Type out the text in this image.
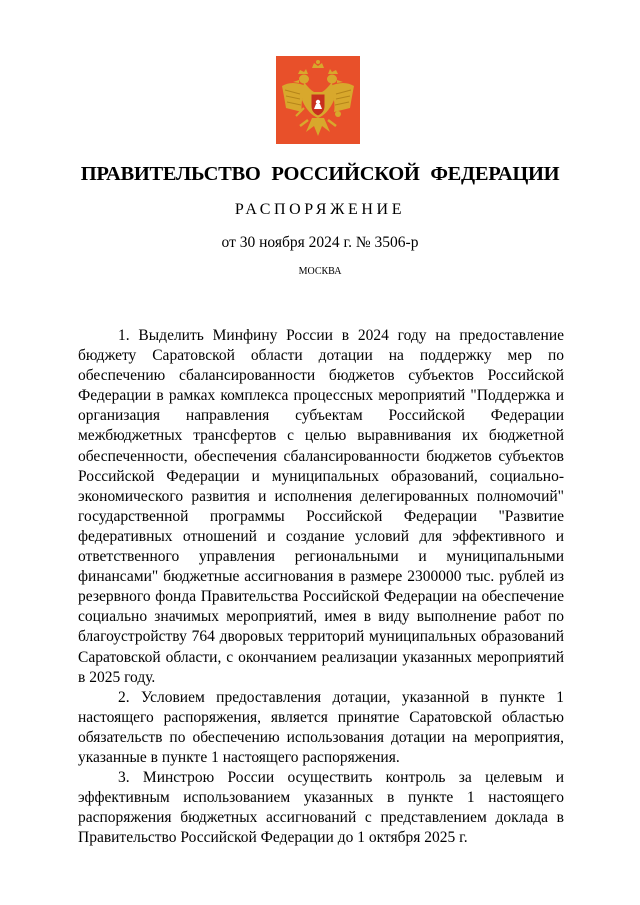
ПРАВИТЕЛЬСТВО РОССИЙСКОЙ ФЕДЕРАЦИИ
РАСПОРЯЖЕНИЕ
от 30 ноября 2024 г. № 3506-р
МОСКВА

1. Выделить Минфину России в 2024 году на предоставление бюджету Саратовской области дотации на поддержку мер по обеспечению сбалансированности бюджетов субъектов Российской Федерации в рамках комплекса процессных мероприятий "Поддержка и организация направления субъектам Российской Федерации межбюджетных трансфертов с целью выравнивания их бюджетной обеспеченности, обеспечения сбалансированности бюджетов субъектов Российской Федерации и муниципальных образований, социально-экономического развития и исполнения делегированных полномочий" государственной программы Российской Федерации "Развитие федеративных отношений и создание условий для эффективного и ответственного управления региональными и муниципальными финансами" бюджетные ассигнования в размере 2300000 тыс. рублей из резервного фонда Правительства Российской Федерации на обеспечение социально значимых мероприятий, имея в виду выполнение работ по благоустройству 764 дворовых территорий муниципальных образований Саратовской области, с окончанием реализации указанных мероприятий в 2025 году.

2. Условием предоставления дотации, указанной в пункте 1 настоящего распоряжения, является принятие Саратовской областью обязательств по обеспечению использования дотации на мероприятия, указанные в пункте 1 настоящего распоряжения.

3. Минстрою России осуществить контроль за целевым и эффективным использованием указанных в пункте 1 настоящего распоряжения бюджетных ассигнований с представлением доклада в Правительство Российской Федерации до 1 октября 2025 г.
